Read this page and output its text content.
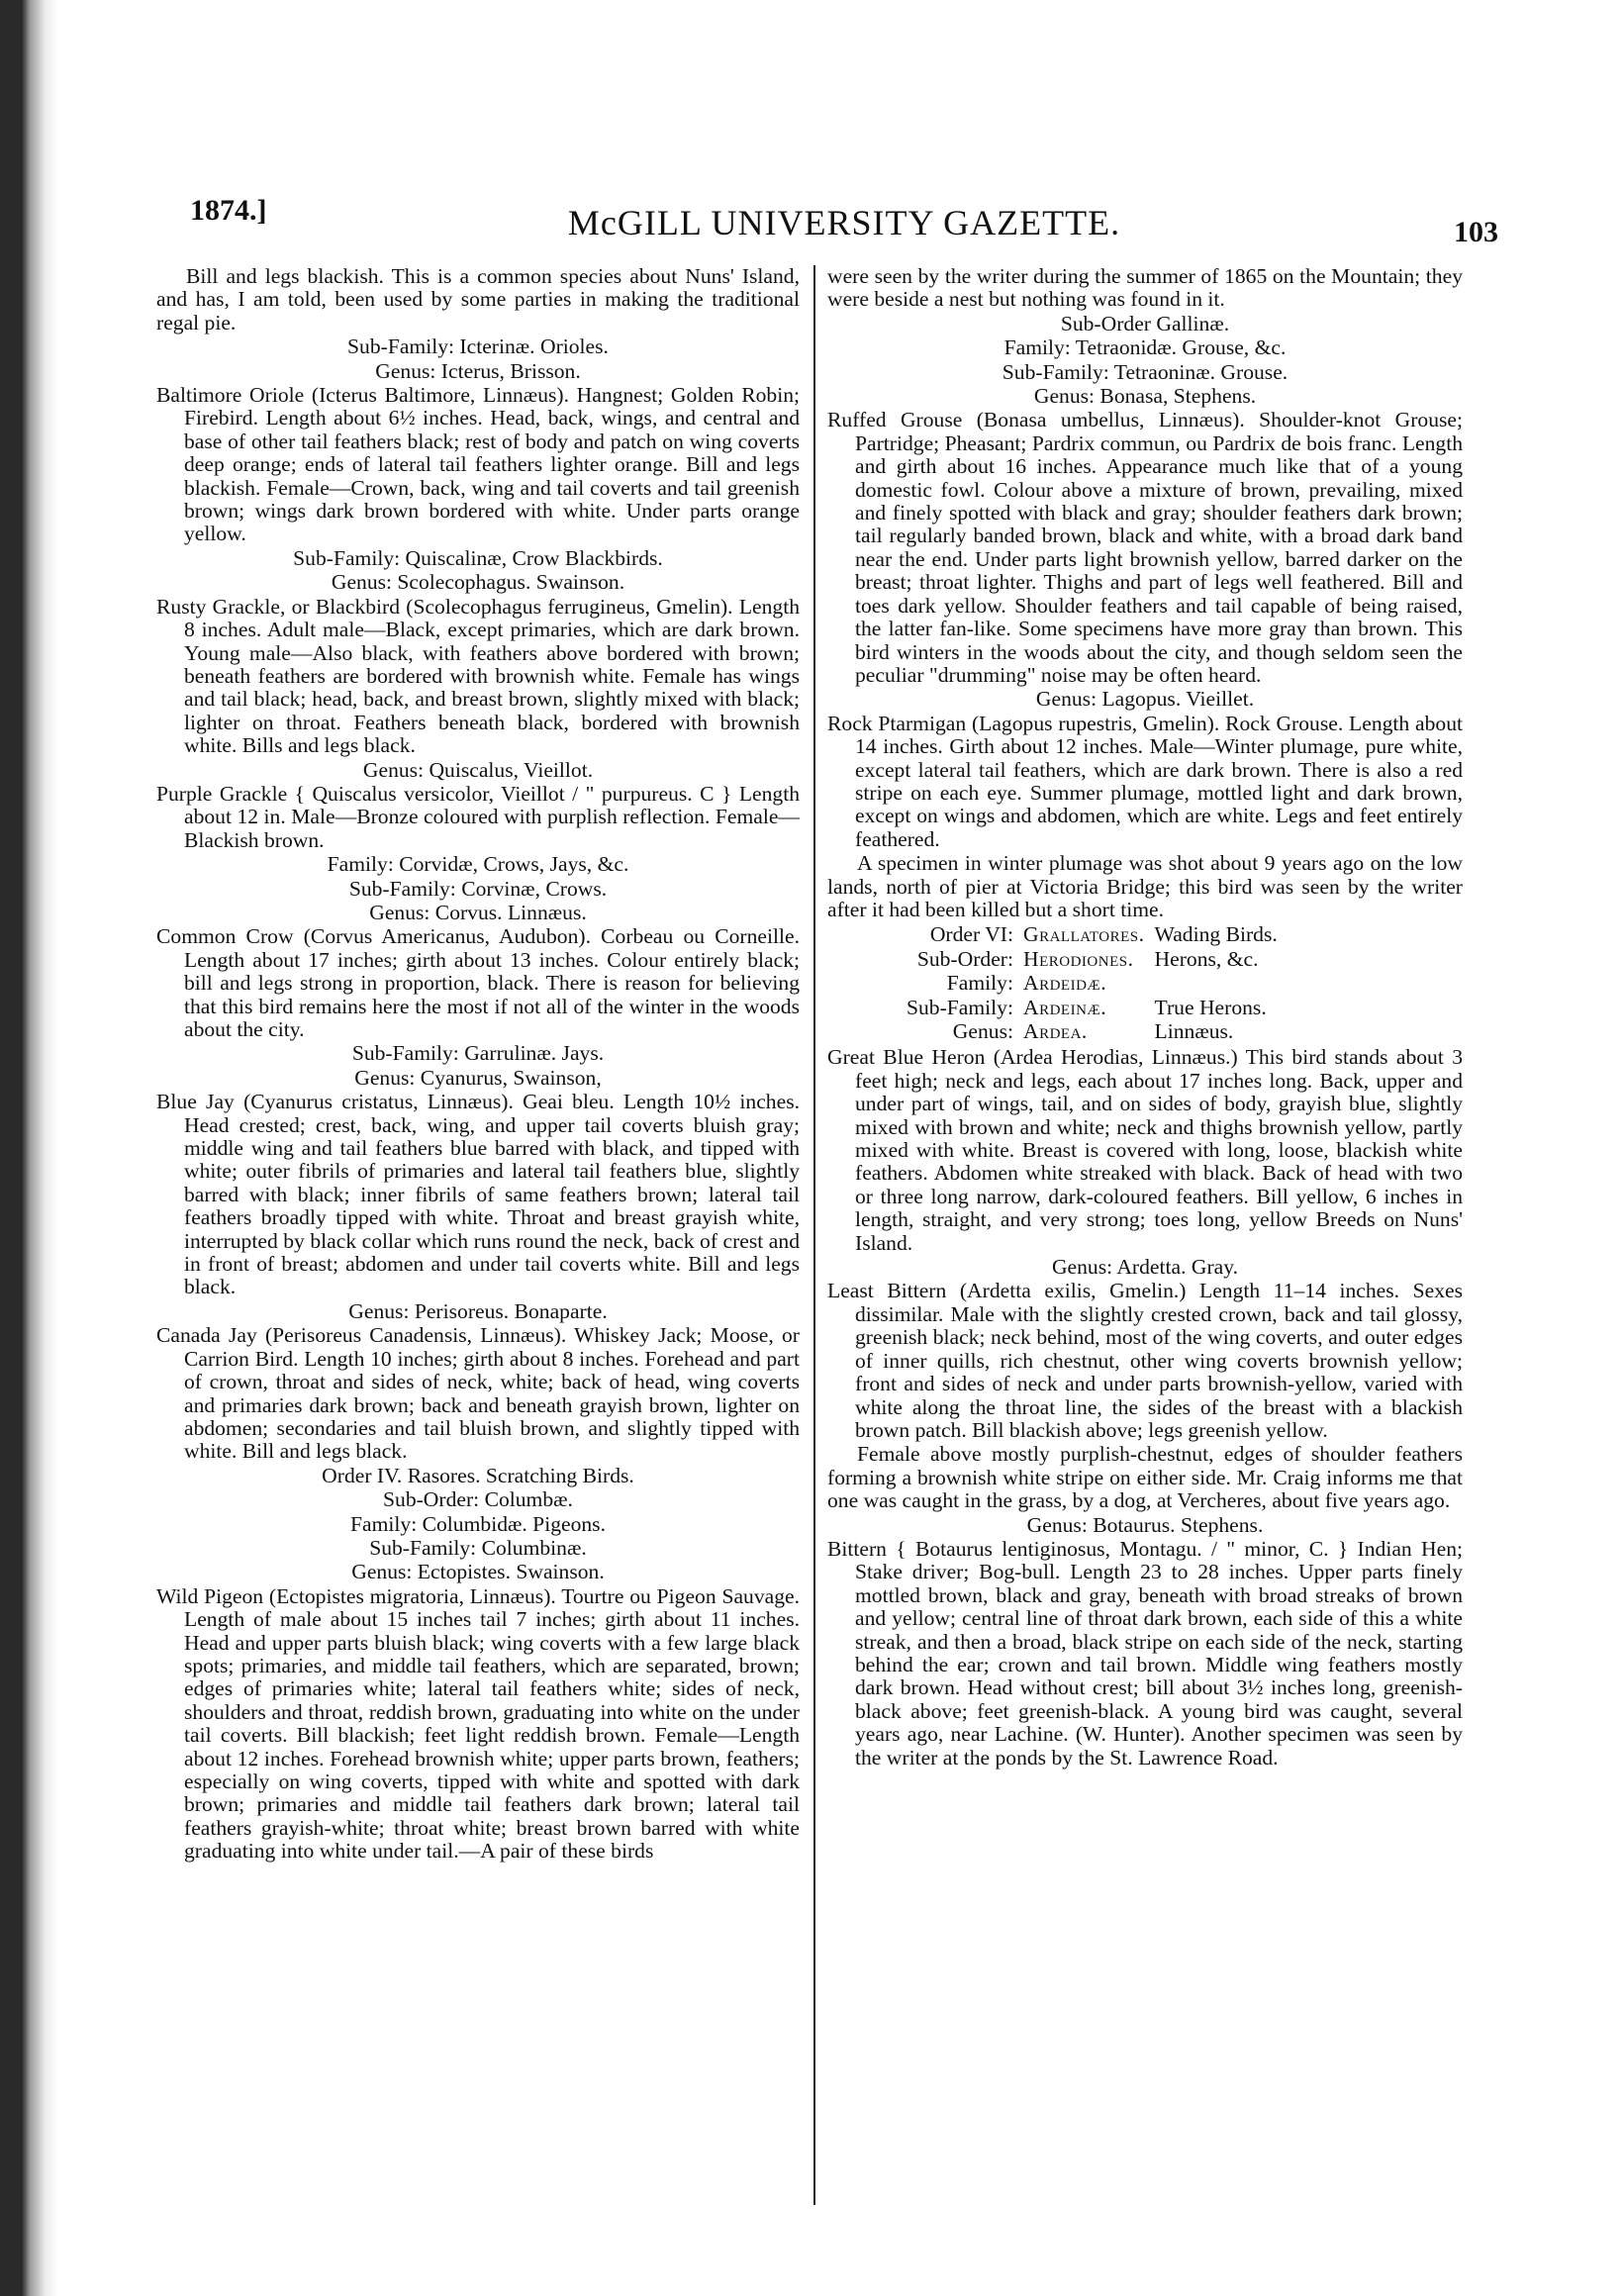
1874.]	McGILL UNIVERSITY GAZETTE.	103

Bill and legs blackish. This is a common species about Nuns' Island, and has, I am told, been used by some parties in making the traditional regal pie.

Sub-Family: Icterinæ. Orioles.

Genus: Icterus, Brisson.

Baltimore Oriole (Icterus Baltimore, Linnæus). Hangnest; Golden Robin; Firebird. Length about 6½ inches. Head, back, wings, and central and base of other tail feathers black; rest of body and patch on wing coverts deep orange; ends of lateral tail feathers lighter orange. Bill and legs blackish. Female—Crown, back, wing and tail coverts and tail greenish brown; wings dark brown bordered with white. Under parts orange yellow.

Sub-Family: Quiscalinæ, Crow Blackbirds.

Genus: Scolecophagus. Swainson.

Rusty Grackle, or Blackbird (Scolecophagus ferrugineus, Gmelin). Length 8 inches. Adult male—Black, except primaries, which are dark brown. Young male—Also black, with feathers above bordered with brown; beneath feathers are bordered with brownish white. Female has wings and tail black; head, back, and breast brown, slightly mixed with black; lighter on throat. Feathers beneath black, bordered with brownish white. Bills and legs black.

Genus: Quiscalus, Vieillot.

Purple Grackle { Quiscalus versicolor, Vieillot / " purpureus. C } Length about 12 in. Male—Bronze coloured with purplish reflection. Female—Blackish brown.

Family: Corvidæ, Crows, Jays, &c.

Sub-Family: Corvinæ, Crows.

Genus: Corvus. Linnæus.

Common Crow (Corvus Americanus, Audubon). Corbeau ou Corneille. Length about 17 inches; girth about 13 inches. Colour entirely black; bill and legs strong in proportion, black. There is reason for believing that this bird remains here the most if not all of the winter in the woods about the city.

Sub-Family: Garrulinæ. Jays.

Genus: Cyanurus, Swainson,

Blue Jay (Cyanurus cristatus, Linnæus). Geai bleu. Length 10½ inches. Head crested; crest, back, wing, and upper tail coverts bluish gray; middle wing and tail feathers blue barred with black, and tipped with white; outer fibrils of primaries and lateral tail feathers blue, slightly barred with black; inner fibrils of same feathers brown; lateral tail feathers broadly tipped with white. Throat and breast grayish white, interrupted by black collar which runs round the neck, back of crest and in front of breast; abdomen and under tail coverts white. Bill and legs black.

Genus: Perisoreus. Bonaparte.

Canada Jay (Perisoreus Canadensis, Linnæus). Whiskey Jack; Moose, or Carrion Bird. Length 10 inches; girth about 8 inches. Forehead and part of crown, throat and sides of neck, white; back of head, wing coverts and primaries dark brown; back and beneath grayish brown, lighter on abdomen; secondaries and tail bluish brown, and slightly tipped with white. Bill and legs black.

Order IV. Rasores. Scratching Birds.

Sub-Order: Columbæ.

Family: Columbidæ. Pigeons.

Sub-Family: Columbinæ.

Genus: Ectopistes. Swainson.

Wild Pigeon (Ectopistes migratoria, Linnæus). Tourtre ou Pigeon Sauvage. Length of male about 15 inches tail 7 inches; girth about 11 inches. Head and upper parts bluish black; wing coverts with a few large black spots; primaries, and middle tail feathers, which are separated, brown; edges of primaries white; lateral tail feathers white; sides of neck, shoulders and throat, reddish brown, graduating into white on the under tail coverts. Bill blackish; feet light reddish brown. Female—Length about 12 inches. Forehead brownish white; upper parts brown, feathers; especially on wing coverts, tipped with white and spotted with dark brown; primaries and middle tail feathers dark brown; lateral tail feathers grayish-white; throat white; breast brown barred with white graduating into white under tail.—A pair of these birds

were seen by the writer during the summer of 1865 on the Mountain; they were beside a nest but nothing was found in it.

Sub-Order Gallinæ.

Family: Tetraonidæ. Grouse, &c.

Sub-Family: Tetraoninæ. Grouse.

Genus: Bonasa, Stephens.

Ruffed Grouse (Bonasa umbellus, Linnæus). Shoulder-knot Grouse; Partridge; Pheasant; Pardrix commun, ou Pardrix de bois franc. Length and girth about 16 inches. Appearance much like that of a young domestic fowl. Colour above a mixture of brown, prevailing, mixed and finely spotted with black and gray; shoulder feathers dark brown; tail regularly banded brown, black and white, with a broad dark band near the end. Under parts light brownish yellow, barred darker on the breast; throat lighter. Thighs and part of legs well feathered. Bill and toes dark yellow. Shoulder feathers and tail capable of being raised, the latter fan-like. Some specimens have more gray than brown. This bird winters in the woods about the city, and though seldom seen the peculiar "drumming" noise may be often heard.

Genus: Lagopus. Vieillet.

Rock Ptarmigan (Lagopus rupestris, Gmelin). Rock Grouse. Length about 14 inches. Girth about 12 inches. Male—Winter plumage, pure white, except lateral tail feathers, which are dark brown. There is also a red stripe on each eye. Summer plumage, mottled light and dark brown, except on wings and abdomen, which are white. Legs and feet entirely feathered.

A specimen in winter plumage was shot about 9 years ago on the low lands, north of pier at Victoria Bridge; this bird was seen by the writer after it had been killed but a short time.

Order VI:	Grallatores.	Wading Birds.
Sub-Order:	Herodiones.	Herons, &c.
Family:	Ardeidæ.	
Sub-Family:	Ardeinæ.	True Herons.
Genus:	Ardea.	Linnæus.

Great Blue Heron (Ardea Herodias, Linnæus.) This bird stands about 3 feet high; neck and legs, each about 17 inches long. Back, upper and under part of wings, tail, and on sides of body, grayish blue, slightly mixed with brown and white; neck and thighs brownish yellow, partly mixed with white. Breast is covered with long, loose, blackish white feathers. Abdomen white streaked with black. Back of head with two or three long narrow, dark-coloured feathers. Bill yellow, 6 inches in length, straight, and very strong; toes long, yellow Breeds on Nuns' Island.

Genus: Ardetta. Gray.

Least Bittern (Ardetta exilis, Gmelin.) Length 11–14 inches. Sexes dissimilar. Male with the slightly crested crown, back and tail glossy, greenish black; neck behind, most of the wing coverts, and outer edges of inner quills, rich chestnut, other wing coverts brownish yellow; front and sides of neck and under parts brownish-yellow, varied with white along the throat line, the sides of the breast with a blackish brown patch. Bill blackish above; legs greenish yellow.

Female above mostly purplish-chestnut, edges of shoulder feathers forming a brownish white stripe on either side. Mr. Craig informs me that one was caught in the grass, by a dog, at Vercheres, about five years ago.

Genus: Botaurus. Stephens.

Bittern { Botaurus lentiginosus, Montagu. / " minor, C. } Indian Hen; Stake driver; Bog-bull. Length 23 to 28 inches. Upper parts finely mottled brown, black and gray, beneath with broad streaks of brown and yellow; central line of throat dark brown, each side of this a white streak, and then a broad, black stripe on each side of the neck, starting behind the ear; crown and tail brown. Middle wing feathers mostly dark brown. Head without crest; bill about 3½ inches long, greenish-black above; feet greenish-black. A young bird was caught, several years ago, near Lachine. (W. Hunter). Another specimen was seen by the writer at the ponds by the St. Lawrence Road.
